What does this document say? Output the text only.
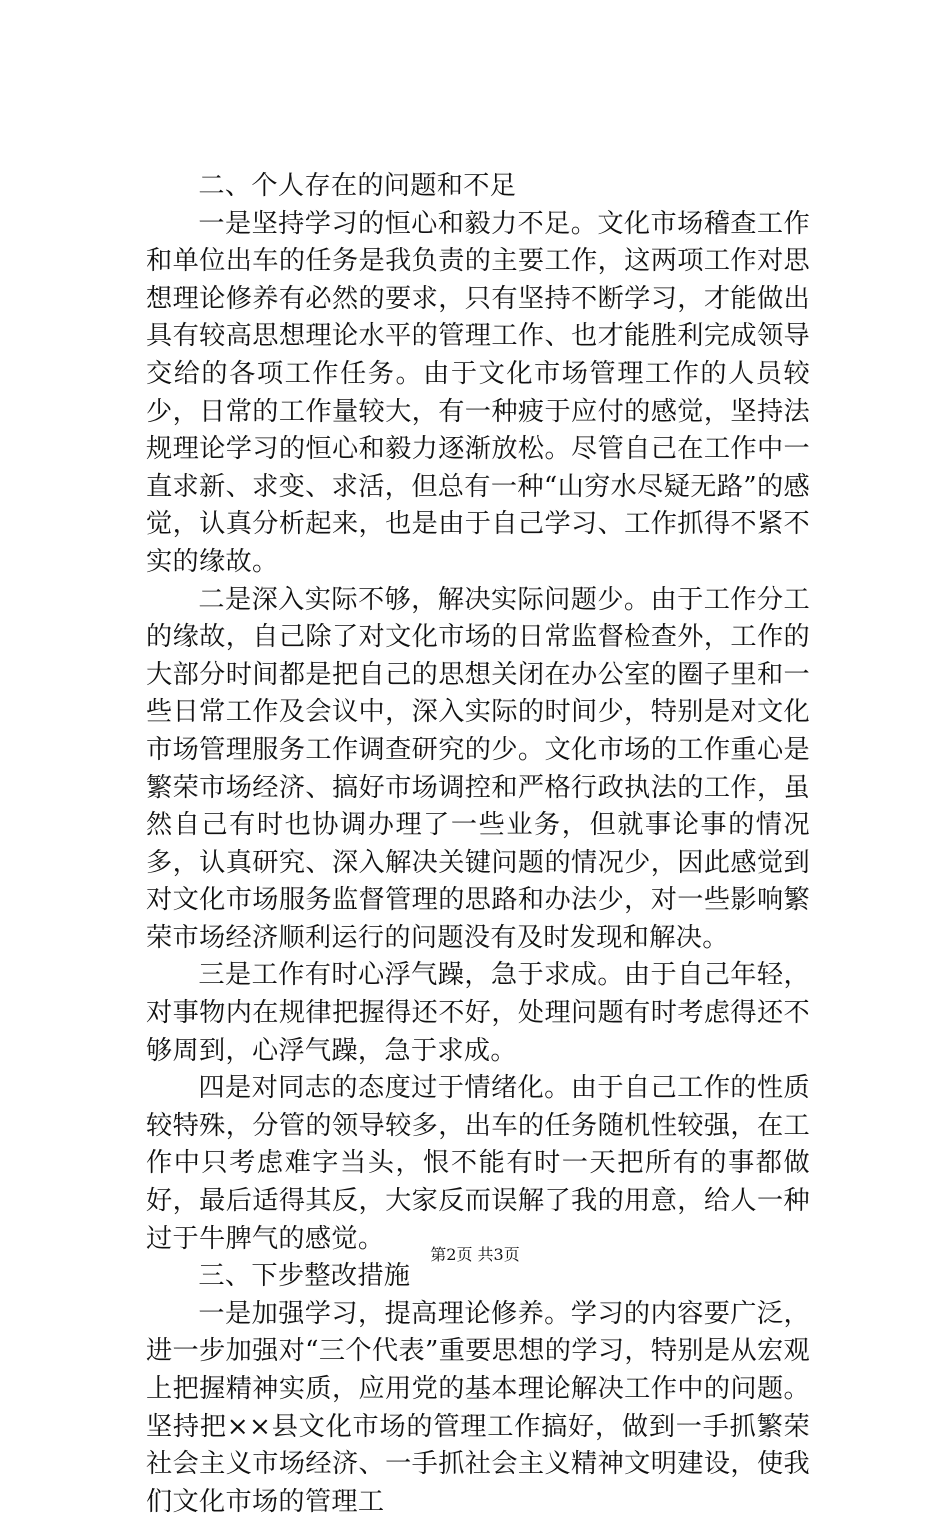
二、个人存在的问题和不足

一是坚持学习的恒心和毅力不足。文化市场稽查工作和单位出车的任务是我负责的主要工作，这两项工作对思想理论修养有必然的要求，只有坚持不断学习，才能做出具有较高思想理论水平的管理工作、也才能胜利完成领导交给的各项工作任务。由于文化市场管理工作的人员较少，日常的工作量较大，有一种疲于应付的感觉，坚持法规理论学习的恒心和毅力逐渐放松。尽管自己在工作中一直求新、求变、求活，但总有一种“山穷水尽疑无路”的感觉，认真分析起来，也是由于自己学习、工作抓得不紧不实的缘故。

二是深入实际不够，解决实际问题少。由于工作分工的缘故，自己除了对文化市场的日常监督检查外，工作的大部分时间都是把自己的思想关闭在办公室的圈子里和一些日常工作及会议中，深入实际的时间少，特别是对文化市场管理服务工作调查研究的少。文化市场的工作重心是繁荣市场经济、搞好市场调控和严格行政执法的工作，虽然自己有时也协调办理了一些业务，但就事论事的情况多，认真研究、深入解决关键问题的情况少，因此感觉到对文化市场服务监督管理的思路和办法少，对一些影响繁荣市场经济顺利运行的问题没有及时发现和解决。

三是工作有时心浮气躁，急于求成。由于自己年轻，对事物内在规律把握得还不好，处理问题有时考虑得还不够周到，心浮气躁，急于求成。

四是对同志的态度过于情绪化。由于自己工作的性质较特殊，分管的领导较多，出车的任务随机性较强，在工作中只考虑难字当头，恨不能有时一天把所有的事都做好，最后适得其反，大家反而误解了我的用意，给人一种过于牛脾气的感觉。

三、下步整改措施

一是加强学习，提高理论修养。学习的内容要广泛，进一步加强对“三个代表”重要思想的学习，特别是从宏观上把握精神实质，应用党的基本理论解决工作中的问题。坚持把××县文化市场的管理工作搞好，做到一手抓繁荣社会主义市场经济、一手抓社会主义精神文明建设，使我们文化市场的管理工

第2页 共3页
